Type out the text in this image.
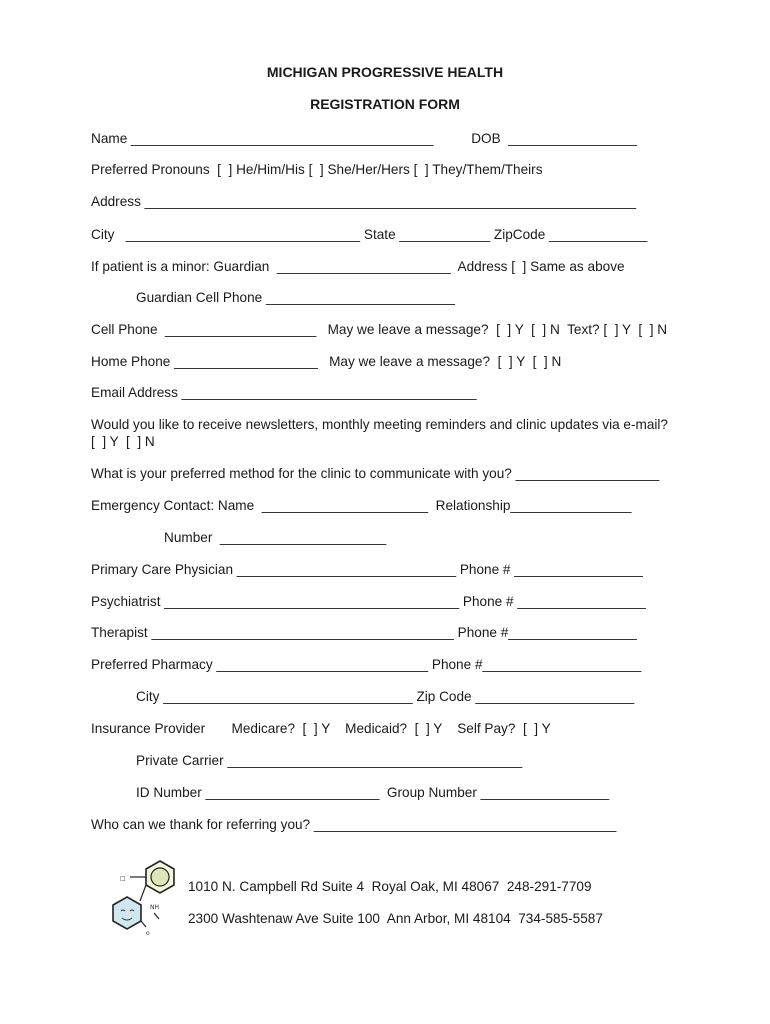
MICHIGAN PROGRESSIVE HEALTH
REGISTRATION FORM
Name ________________________________________          DOB  _________________
Preferred Pronouns  [  ] He/Him/His [  ] She/Her/Hers [  ] They/Them/Theirs
Address _________________________________________________________________
City   _______________________________ State ____________ ZipCode _____________
If patient is a minor: Guardian  _______________________  Address [  ] Same as above
Guardian Cell Phone _________________________
Cell Phone  ____________________   May we leave a message?  [  ] Y  [  ] N  Text? [  ] Y  [  ] N
Home Phone ___________________   May we leave a message?  [  ] Y  [  ] N
Email Address _______________________________________
Would you like to receive newsletters, monthly meeting reminders and clinic updates via e-mail?
[  ] Y  [  ] N
What is your preferred method for the clinic to communicate with you? ___________________
Emergency Contact: Name  ______________________  Relationship________________
Number  ______________________
Primary Care Physician _____________________________ Phone # _________________
Psychiatrist _______________________________________ Phone # _________________
Therapist ________________________________________ Phone #_________________
Preferred Pharmacy ____________________________ Phone #_____________________
City _________________________________ Zip Code _____________________
Insurance Provider       Medicare?  [  ] Y    Medicaid?  [  ] Y    Self Pay?  [  ] Y
Private Carrier _______________________________________
ID Number _______________________  Group Number _________________
Who can we thank for referring you? ________________________________________
□
NH
o
1010 N. Campbell Rd Suite 4  Royal Oak, MI 48067  248-291-7709
2300 Washtenaw Ave Suite 100  Ann Arbor, MI 48104  734-585-5587
